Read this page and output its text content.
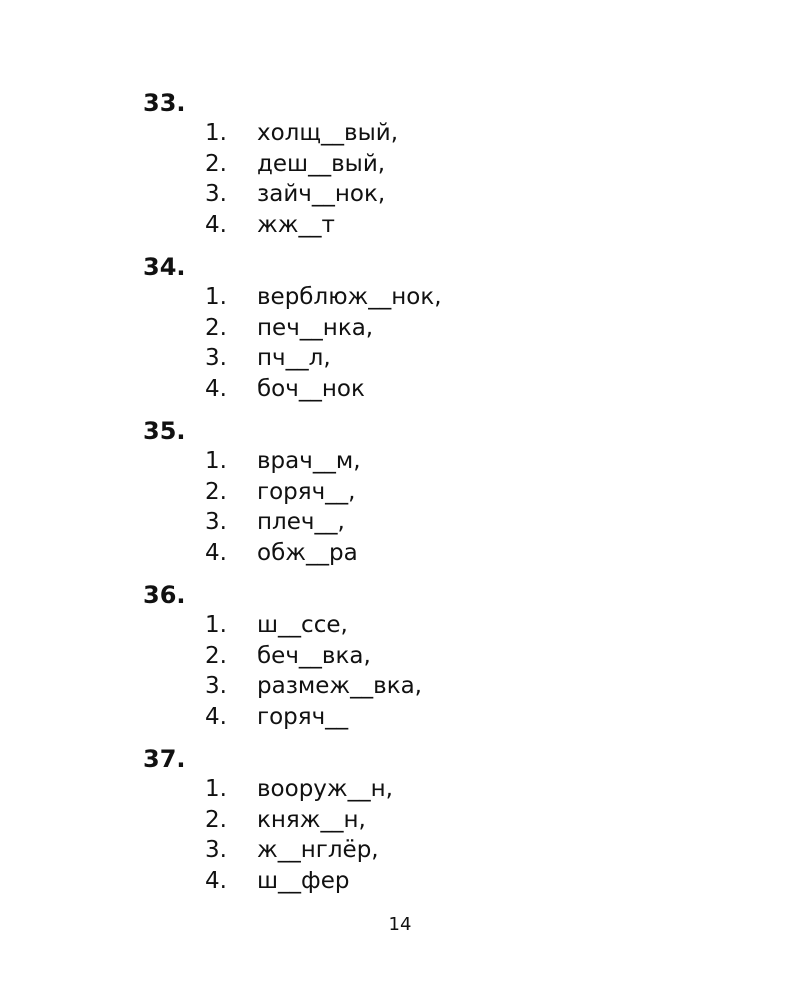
33.
1.	холщ__вый,
2.	деш__вый,
3.	зайч__нок,
4.	жж__т
34.
1.	верблюж__нок,
2.	печ__нка,
3.	пч__л,
4.	боч__нок
35.
1.	врач__м,
2.	горяч__,
3.	плеч__,
4.	обж__ра
36.
1.	ш__ссе,
2.	беч__вка,
3.	размеж__вка,
4.	горяч__
37.
1.	вооруж__н,
2.	княж__н,
3.	ж__нглёр,
4.	ш__фер
14
